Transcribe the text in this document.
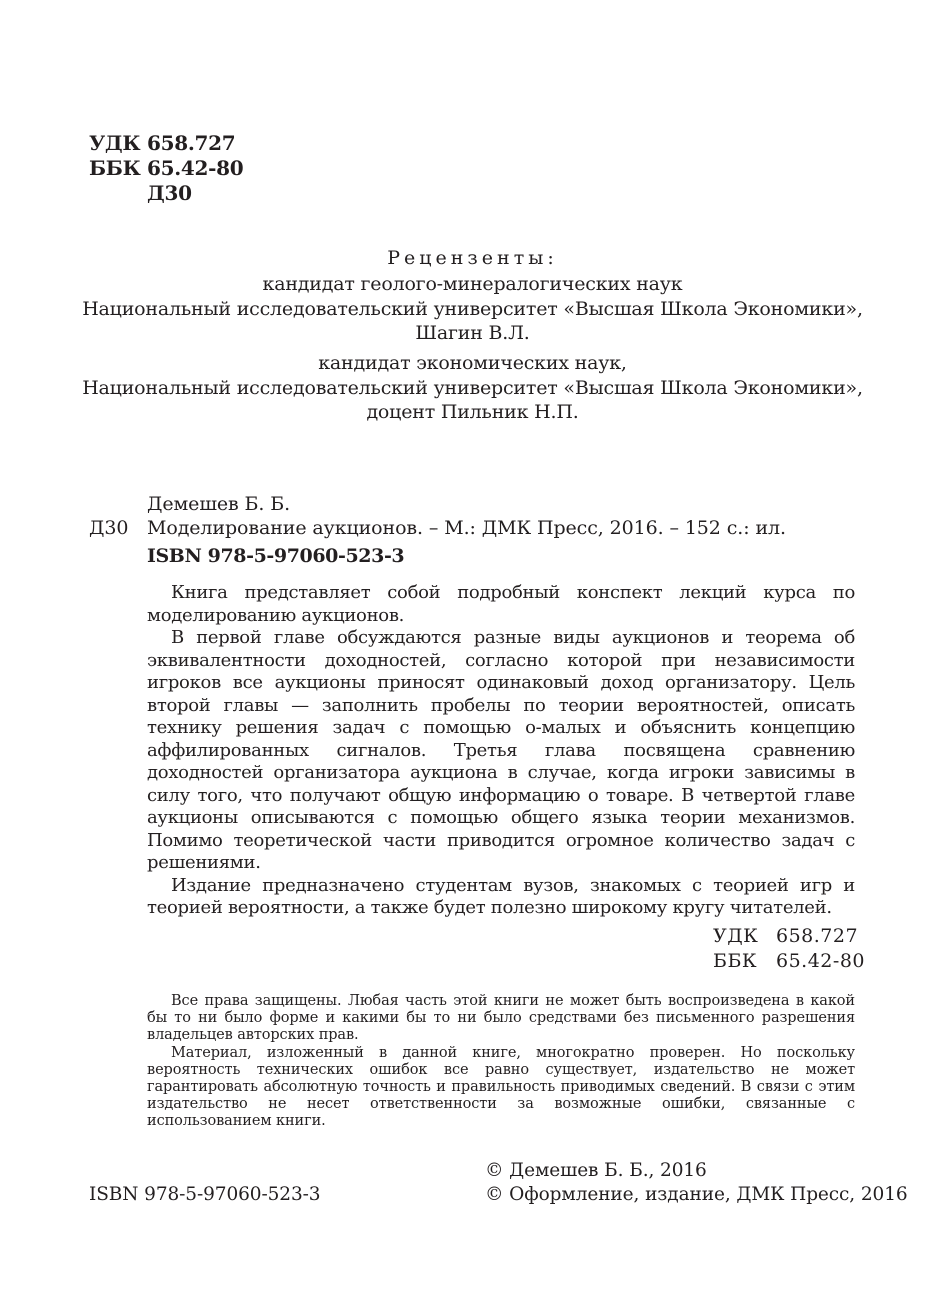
УДК 658.727
ББК 65.42-80
Д30

Рецензенты:

кандидат геолого-минералогических наук

Национальный исследовательский университет «Высшая Школа Экономики»,

Шагин В.Л.

кандидат экономических наук,

Национальный исследовательский университет «Высшая Школа Экономики»,

доцент Пильник Н.П.

Демешев Б. Б.

Д30 Моделирование аукционов. – М.: ДМК Пресс, 2016. – 152 с.: ил.

ISBN 978-5-97060-523-3

Книга представляет собой подробный конспект лекций курса по моделированию аукционов.

В первой главе обсуждаются разные виды аукционов и теорема об эквивалентности доходностей, согласно которой при независимости игроков все аукционы приносят одинаковый доход организатору. Цель второй главы — заполнить пробелы по теории вероятностей, описать технику решения задач с помощью o-малых и объяснить концепцию аффилированных сигналов. Третья глава посвящена сравнению доходностей организатора аукциона в случае, когда игроки зависимы в силу того, что получают общую информацию о товаре. В четвертой главе аукционы описываются с помощью общего языка теории механизмов. Помимо теоретической части приводится огромное количество задач с решениями.

Издание предназначено студентам вузов, знакомых с теорией игр и теорией вероятности, а также будет полезно широкому кругу читателей.

УДК 658.727
ББК 65.42-80

Все права защищены. Любая часть этой книги не может быть воспроизведена в какой бы то ни было форме и какими бы то ни было средствами без письменного разрешения владельцев авторских прав.

Материал, изложенный в данной книге, многократно проверен. Но поскольку вероятность технических ошибок все равно существует, издательство не может гарантировать абсолютную точность и правильность приводимых сведений. В связи с этим издательство не несет ответственности за возможные ошибки, связанные с использованием книги.

© Демешев Б. Б., 2016

ISBN 978-5-97060-523-3	© Оформление, издание, ДМК Пресс, 2016
